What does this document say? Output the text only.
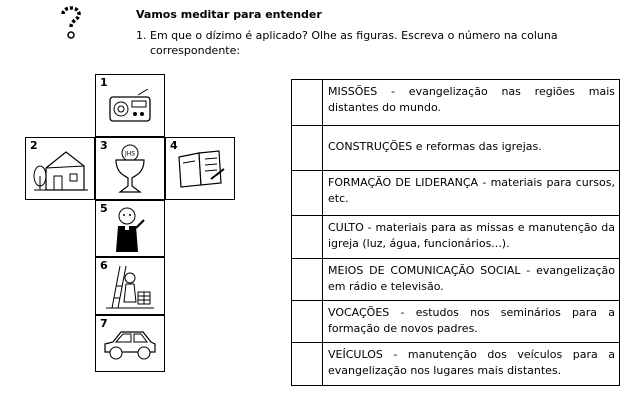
Vamos meditar para entender
1. Em que o dízimo é aplicado? Olhe as figuras. Escreva o número na coluna
correspondente:
1
2	3
JHS
4
5
6
7
	MISSÕES - evangelização nas regiões mais distantes do mundo.
	CONSTRUÇÕES e reformas das igrejas.
	FORMAÇÃO DE LIDERANÇA - materiais para cursos, etc.
	CULTO - materiais para as missas e manutenção da igreja (luz, água, funcionários...).
	MEIOS DE COMUNICAÇÃO SOCIAL - evangelização em rádio e televisão.
	VOCAÇÕES - estudos nos seminários para a formação de novos padres.
	VEÍCULOS - manutenção dos veículos para a evangelização nos lugares mais distantes.
